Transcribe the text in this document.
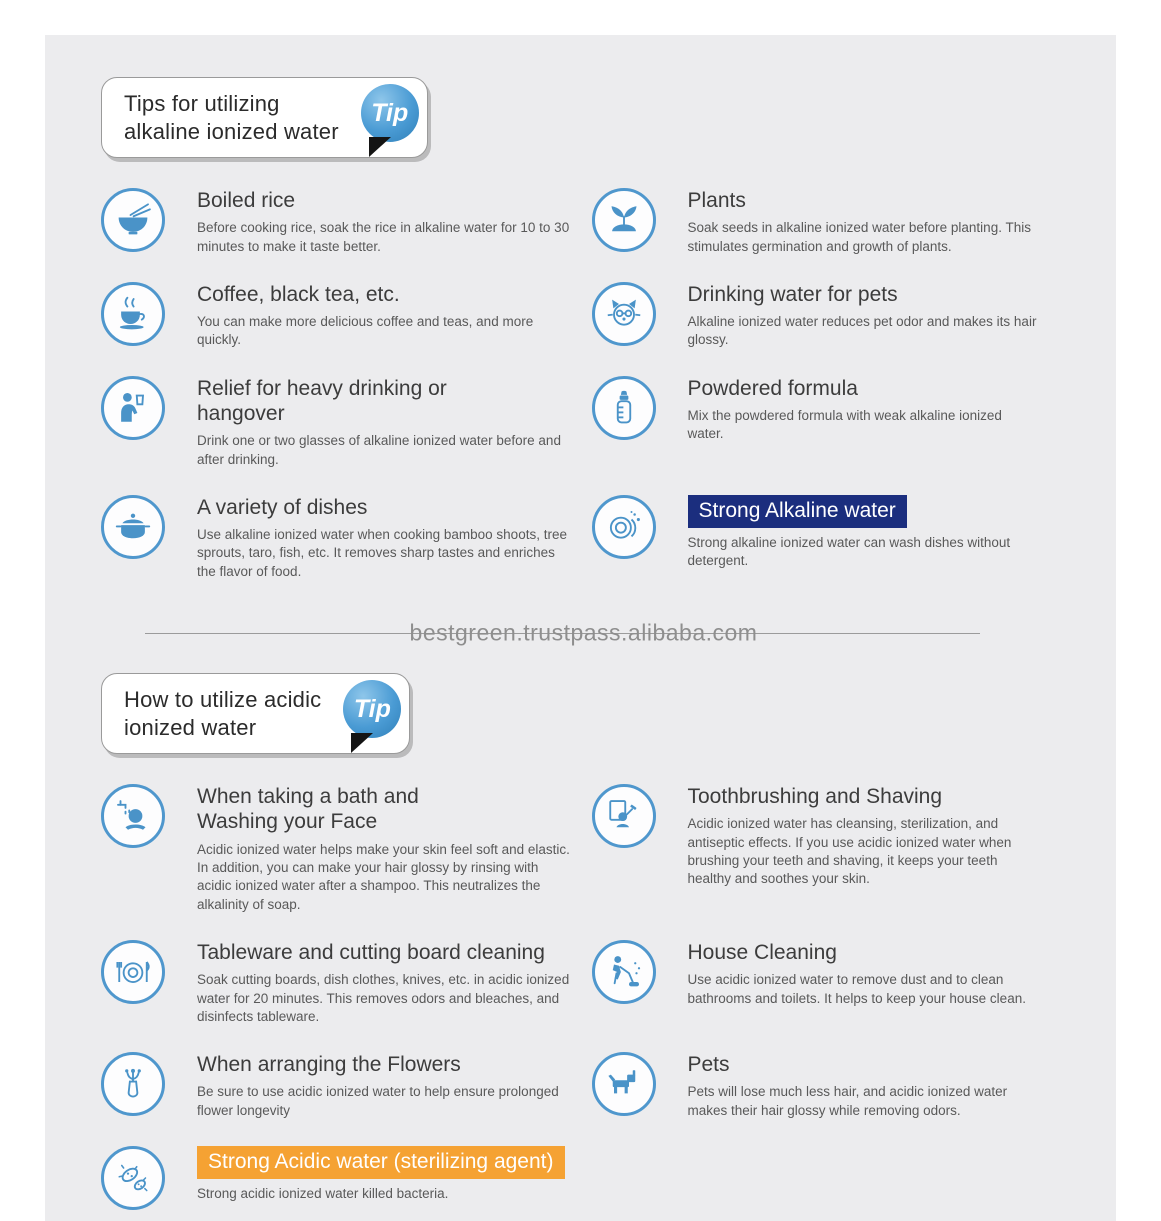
Tips for utilizing
alkaline ionized water
Tip
Boiled rice

Before cooking rice, soak the rice in alkaline water for 10 to 30 minutes to make it taste better.

Plants

Soak seeds in alkaline ionized water before planting. This stimulates germination and growth of plants.

Coffee, black tea, etc.

You can make more delicious coffee and teas, and more quickly.

Drinking water for pets

Alkaline ionized water reduces pet odor and makes its hair glossy.

Relief for heavy drinking or hangover

Drink one or two glasses of alkaline ionized water before and after drinking.

Powdered formula

Mix the powdered formula with weak alkaline ionized water.

A variety of dishes

Use alkaline ionized water when cooking bamboo shoots, tree sprouts, taro, fish, etc. It removes sharp tastes and enriches the flavor of food.

Strong Alkaline water

Strong alkaline ionized water can wash dishes without detergent.

bestgreen.trustpass.alibaba.com
How to utilize acidic
ionized water
Tip
When taking a bath and Washing your Face

Acidic ionized water helps make your skin feel soft and elastic. In addition, you can make your hair glossy by rinsing with acidic ionized water after a shampoo. This neutralizes the alkalinity of soap.

Toothbrushing and Shaving

Acidic ionized water has cleansing, sterilization, and antiseptic effects. If you use acidic ionized water when brushing your teeth and shaving, it keeps your teeth healthy and soothes your skin.

Tableware and cutting board cleaning

Soak cutting boards, dish clothes, knives, etc. in acidic ionized water for 20 minutes. This removes odors and bleaches, and disinfects tableware.

House Cleaning

Use acidic ionized water to remove dust and to clean bathrooms and toilets. It helps to keep your house clean.

When arranging the Flowers

Be sure to use acidic ionized water to help ensure prolonged flower longevity

Pets

Pets will lose much less hair, and acidic ionized water makes their hair glossy while removing odors.

Strong Acidic water (sterilizing agent)

Strong acidic ionized water killed bacteria.
